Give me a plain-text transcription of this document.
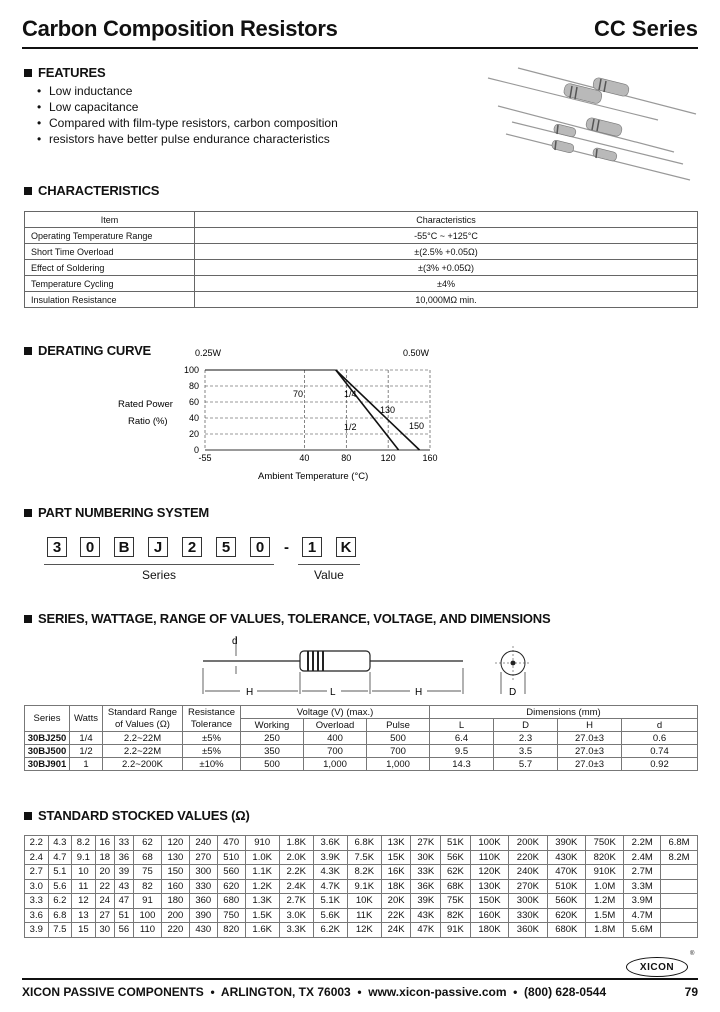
Carbon Composition Resistors	CC Series
FEATURES
• Low inductance
• Low capacitance
• Compared with film-type resistors, carbon composition
• resistors have better pulse endurance characteristics
CHARACTERISTICS
Item	Characteristics
Operating Temperature Range	-55°C ~ +125°C
Short Time Overload	±(2.5% +0.05Ω)
Effect of Soldering	±(3% +0.05Ω)
Temperature Cycling	±4%
Insulation Resistance	10,000MΩ min.
DERATING CURVE	0.25W	0.50W
Rated Power
Ratio (%)
Ambient Temperature (°C)
100
80
60
40
20
0
-55	40	80	120	160
70	1/4
1/2
130
150
PART NUMBERING SYSTEM
3	0	B	J	2	5	0	-	1	K
Series	Value
SERIES, WATTAGE, RANGE OF VALUES, TOLERANCE, VOLTAGE, AND DIMENSIONS
d
H	L	H	D
Series	Watts	Standard Range	Resistance	Voltage (V) (max.)			Dimensions (mm)			
		of Values (Ω)	Tolerance	Working	Overload	Pulse	L	D	H	d
30BJ250	1/4	2.2~22M	±5%	250	400	500	6.4	2.3	27.0±3	0.6
30BJ500	1/2	2.2~22M	±5%	350	700	700	9.5	3.5	27.0±3	0.74
30BJ901	1	2.2~200K	±10%	500	1,000	1,000	14.3	5.7	27.0±3	0.92
STANDARD STOCKED VALUES (Ω)
2.2	4.3	8.2	16	33	62	120	240	470	910	1.8K	3.6K	6.8K	13K	27K	51K	100K	200K	390K	750K	2.2M	6.8M
2.4	4.7	9.1	18	36	68	130	270	510	1.0K	2.0K	3.9K	7.5K	15K	30K	56K	110K	220K	430K	820K	2.4M	8.2M
2.7	5.1	10	20	39	75	150	300	560	1.1K	2.2K	4.3K	8.2K	16K	33K	62K	120K	240K	470K	910K	2.7M	
3.0	5.6	11	22	43	82	160	330	620	1.2K	2.4K	4.7K	9.1K	18K	36K	68K	130K	270K	510K	1.0M	3.3M	
3.3	6.2	12	24	47	91	180	360	680	1.3K	2.7K	5.1K	10K	20K	39K	75K	150K	300K	560K	1.2M	3.9M	
3.6	6.8	13	27	51	100	200	390	750	1.5K	3.0K	5.6K	11K	22K	43K	82K	160K	330K	620K	1.5M	4.7M	
3.9	7.5	15	30	56	110	220	430	820	1.6K	3.3K	6.2K	12K	24K	47K	91K	180K	360K	680K	1.8M	5.6M	
XICON
®
XICON PASSIVE COMPONENTS  •  ARLINGTON, TX 76003  •  www.xicon-passive.com  •  (800) 628-0544	79
